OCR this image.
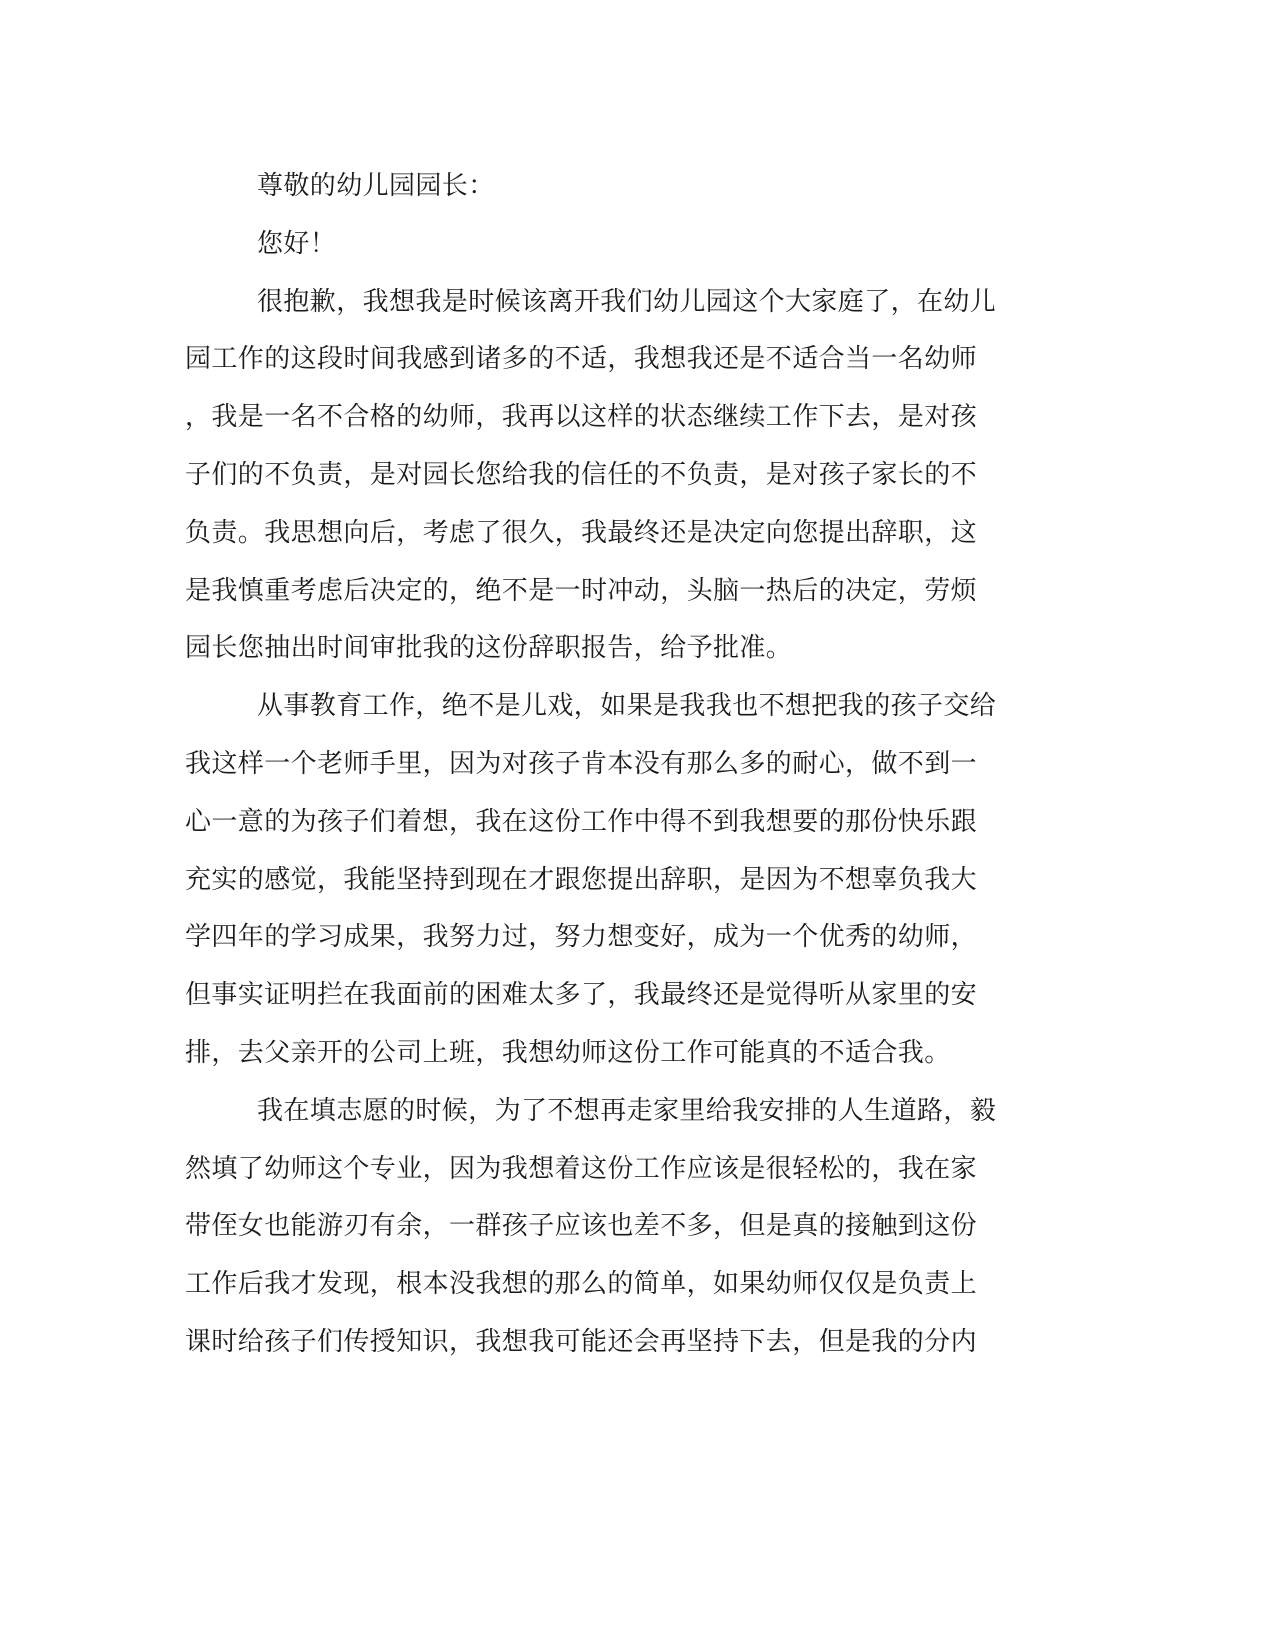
尊敬的幼儿园园长：
您好！
很抱歉，我想我是时候该离开我们幼儿园这个大家庭了，在幼儿
园工作的这段时间我感到诸多的不适，我想我还是不适合当一名幼师
，我是一名不合格的幼师，我再以这样的状态继续工作下去，是对孩
子们的不负责，是对园长您给我的信任的不负责，是对孩子家长的不
负责。我思想向后，考虑了很久，我最终还是决定向您提出辞职，这
是我慎重考虑后决定的，绝不是一时冲动，头脑一热后的决定，劳烦
园长您抽出时间审批我的这份辞职报告，给予批准。
从事教育工作，绝不是儿戏，如果是我我也不想把我的孩子交给
我这样一个老师手里，因为对孩子肯本没有那么多的耐心，做不到一
心一意的为孩子们着想，我在这份工作中得不到我想要的那份快乐跟
充实的感觉，我能坚持到现在才跟您提出辞职，是因为不想辜负我大
学四年的学习成果，我努力过，努力想变好，成为一个优秀的幼师，
但事实证明拦在我面前的困难太多了，我最终还是觉得听从家里的安
排，去父亲开的公司上班，我想幼师这份工作可能真的不适合我。
我在填志愿的时候，为了不想再走家里给我安排的人生道路，毅
然填了幼师这个专业，因为我想着这份工作应该是很轻松的，我在家
带侄女也能游刃有余，一群孩子应该也差不多，但是真的接触到这份
工作后我才发现，根本没我想的那么的简单，如果幼师仅仅是负责上
课时给孩子们传授知识，我想我可能还会再坚持下去，但是我的分内
